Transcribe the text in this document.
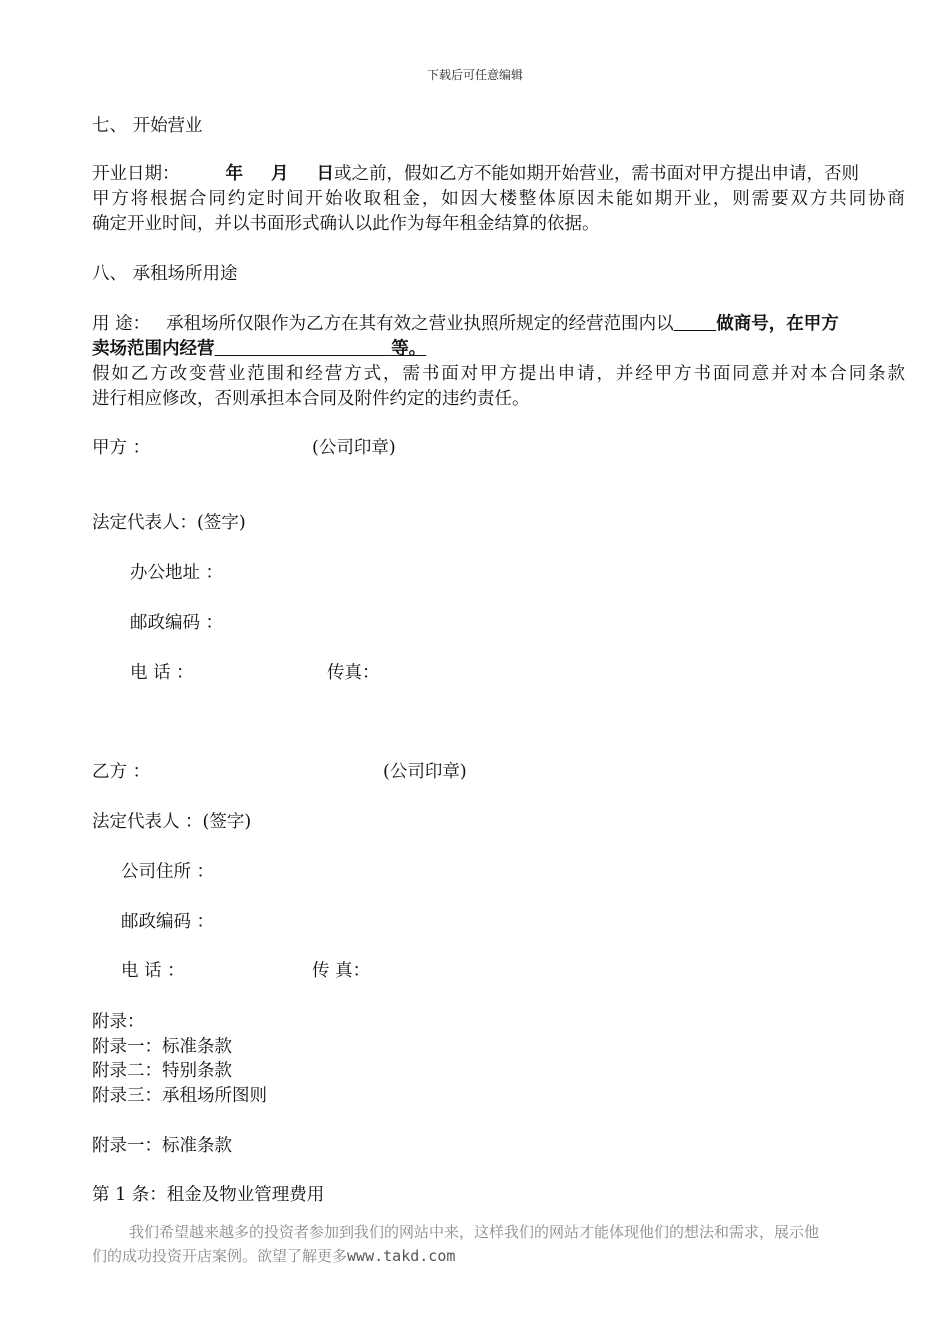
下载后可任意编辑
七、 开始营业
开业日期：	年 月 日或之前，假如乙方不能如期开始营业，需书面对甲方提出申请，否则
甲方将根据合同约定时间开始收取租金，如因大楼整体原因未能如期开业，则需要双方共同协商
确定开业时间，并以书面形式确认以此作为每年租金结算的依据。
八、 承租场所用途
用 途： 承租场所仅限作为乙方在其有效之营业执照所规定的经营范围内以 做商号，在甲方
卖场范围内经营	等。
假如乙方改变营业范围和经营方式，需书面对甲方提出申请，并经甲方书面同意并对本合同条款
进行相应修改，否则承担本合同及附件约定的违约责任。
甲方 ：	(公司印章)
法定代表人：(签字)
办公地址 ：
邮政编码 ：
电 话 ：	传真：
乙方 ：	(公司印章)
法定代表人 ：(签字)
公司住所 ：
邮政编码 ：
电 话 ：	传 真：
附录：
附录一：标准条款
附录二：特别条款
附录三：承租场所图则
附录一：标准条款
第 1 条：租金及物业管理费用
我们希望越来越多的投资者参加到我们的网站中来，这样我们的网站才能体现他们的想法和需求，展示他
们的成功投资开店案例。欲望了解更多www.takd.com
